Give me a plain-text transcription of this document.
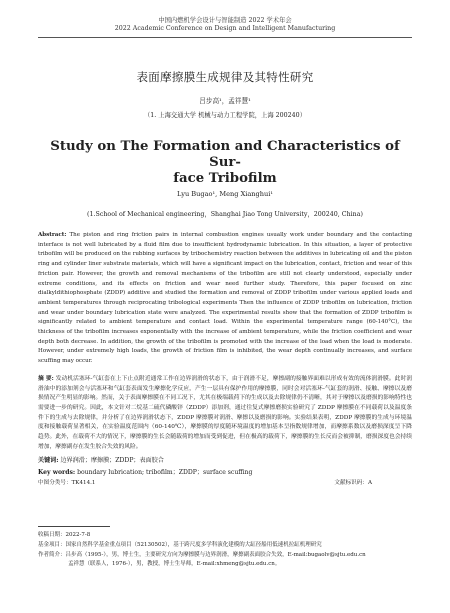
中国内燃机学会设计与智能制造 2022 学术年会
2022 Academic Conference on Design and Intelligent Manufacturing
表面摩擦膜生成规律及其特性研究
吕步高¹，孟祥慧¹
（1. 上海交通大学 机械与动力工程学院，上海 200240）
Study on The Formation and Characteristics of Sur-
face Tribofilm
Lyu Bugao¹, Meng Xianghui¹
(1.School of Mechanical engineering，Shanghai Jiao Tong University，200240, China)
Abstract: The piston and ring friction pairs in internal combustion engines usually work under boundary and the contacting interface is not well lubricated by a fluid film due to insufficient hydrodynamic lubrication. In this situation, a layer of protective tribofilm will be produced on the rubbing surfaces by tribochemistry reaction between the additives in lubricating oil and the piston ring and cylinder liner substrate materials, which will have a significant impact on the lubrication, contact, friction and wear of this friction pair. However, the growth and removal mechanisms of the tribofilm are still not clearly understood, especially under extreme conditions, and its effects on friction and wear need further study. Therefore, this paper focused on zinc dialkyldithiophosphate (ZDDP) additive and studied the formation and removal of ZDDP tribofilm under various applied loads and ambient temperatures through reciprocating tribological experiments Then the influence of ZDDP tribofilm on lubrication, friction and wear under boundary lubrication state were analyzed. The experimental results show that the formation of ZDDP tribofilm is significantly related to ambient temperature and contact load. Within the experimental temperature range (60-140°C), the thickness of the tribofilm increases exponentially with the increase of ambient temperature, while the friction coefficient and wear depth both decrease. In addition, the growth of the tribofilm is promoted with the increase of the load when the load is moderate. However, under extremely high loads, the growth of friction film is inhibited, the wear depth continually increases, and surface scuffing may occur.
摘 要: 发动机活塞环-气缸套在上下止点附近通常工作在边界润滑的状态下，由于润滑不足，摩擦副的接触界面难以形成有效的流体润滑膜。此时润滑油中的添加剂会与活塞环和气缸套表面发生摩擦化学反应，产生一层具有保护作用的摩擦膜，同时会对活塞环-气缸套的润滑、接触、摩擦以及磨损情况产生明显的影响。然而，关于表面摩擦膜在不同工况下，尤其在极端载荷下的生成以及去除规律仍不清晰，其对于摩擦以及磨损的影响特性也需要进一步的研究。因此，本文针对二烷基二硫代磷酸锌（ZDDP）添加剂，通过往复式摩擦磨损实验研究了 ZDDP 摩擦膜在不同载荷以及温度条件下的生成与去除规律，并分析了在边界润滑状态下，ZDDP 摩擦膜对润滑、摩擦以及磨损的影响。实验结果表明，ZDDP 摩擦膜的生成与环境温度和接触载荷显著相关，在实验温度范围内（60-140℃），摩擦膜的厚度随环境温度的增加基本呈指数规律增加，而摩擦系数以及磨损深度呈下降趋势。此外，在载荷不大的情况下，摩擦膜的生长会随载荷的增加而受到促进，但在极高的载荷下，摩擦膜的生长反而会被抑制，磨损深度也会持续增加，摩擦副存在发生胶合失效的风险。
关键词: 边界润滑；摩擦膜；ZDDP；表面胶合
Key words: boundary lubrication; tribofilm；ZDDP；surface scuffing
中图分类号：TK414.1	文献标识码：A
收稿日期：2022-7-8
基金项目：国家自然科学基金重点项目（52130502），基于跨尺度多学科演化建模的大缸径船用低速机拉缸机理研究
作者简介：吕步高（1995-），男，博士生，主要研究方向为摩擦膜与边界润滑，摩擦副表面胶合失效，E-mail:bugaolv@sjtu.edu.cn
孟祥慧（联系人，1976-），男，教授，博士生导师，E-mail:xhmeng@sjtu.edu.cn。
